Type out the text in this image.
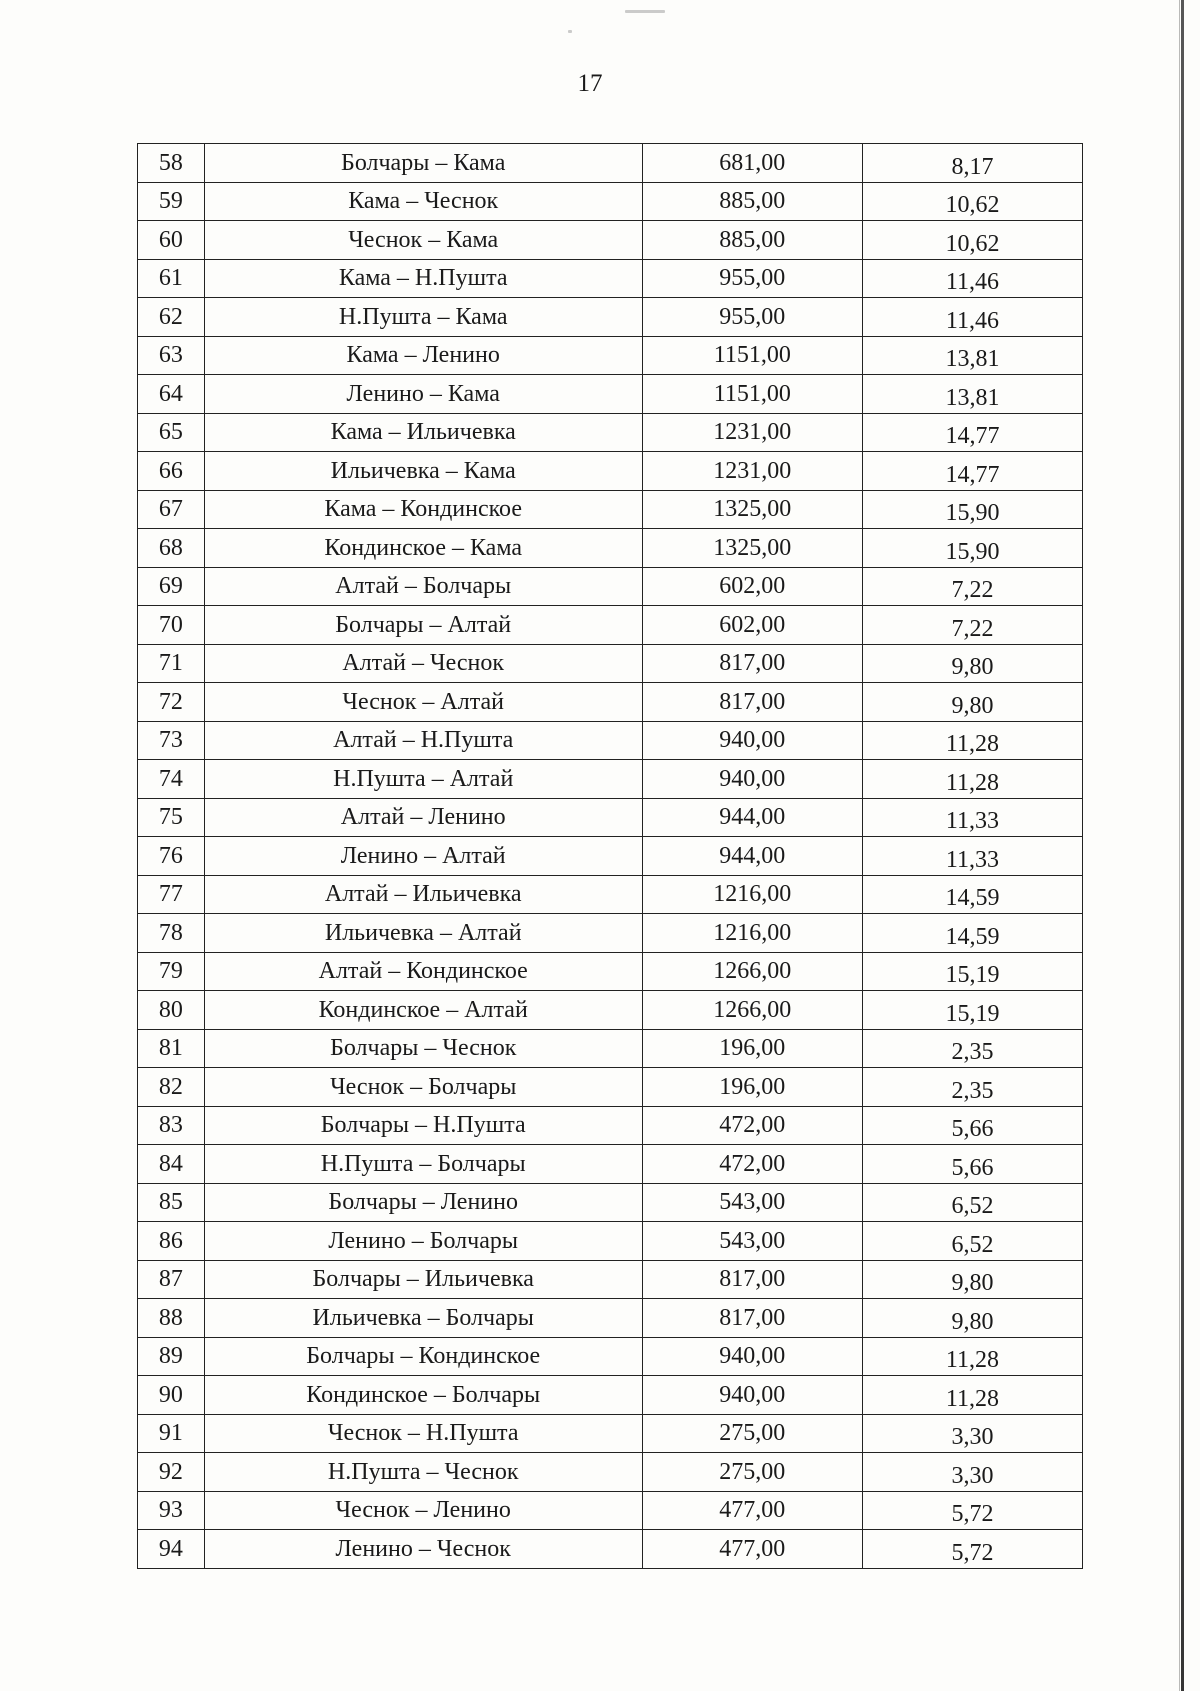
17
58	Болчары – Кама	681,00	8,17
59	Кама – Чеснок	885,00	10,62
60	Чеснок – Кама	885,00	10,62
61	Кама – Н.Пушта	955,00	11,46
62	Н.Пушта – Кама	955,00	11,46
63	Кама – Ленино	1151,00	13,81
64	Ленино – Кама	1151,00	13,81
65	Кама – Ильичевка	1231,00	14,77
66	Ильичевка – Кама	1231,00	14,77
67	Кама – Кондинское	1325,00	15,90
68	Кондинское – Кама	1325,00	15,90
69	Алтай – Болчары	602,00	7,22
70	Болчары – Алтай	602,00	7,22
71	Алтай – Чеснок	817,00	9,80
72	Чеснок – Алтай	817,00	9,80
73	Алтай – Н.Пушта	940,00	11,28
74	Н.Пушта – Алтай	940,00	11,28
75	Алтай – Ленино	944,00	11,33
76	Ленино – Алтай	944,00	11,33
77	Алтай – Ильичевка	1216,00	14,59
78	Ильичевка – Алтай	1216,00	14,59
79	Алтай – Кондинское	1266,00	15,19
80	Кондинское – Алтай	1266,00	15,19
81	Болчары – Чеснок	196,00	2,35
82	Чеснок – Болчары	196,00	2,35
83	Болчары – Н.Пушта	472,00	5,66
84	Н.Пушта – Болчары	472,00	5,66
85	Болчары – Ленино	543,00	6,52
86	Ленино – Болчары	543,00	6,52
87	Болчары – Ильичевка	817,00	9,80
88	Ильичевка – Болчары	817,00	9,80
89	Болчары – Кондинское	940,00	11,28
90	Кондинское – Болчары	940,00	11,28
91	Чеснок – Н.Пушта	275,00	3,30
92	Н.Пушта – Чеснок	275,00	3,30
93	Чеснок – Ленино	477,00	5,72
94	Ленино – Чеснок	477,00	5,72
